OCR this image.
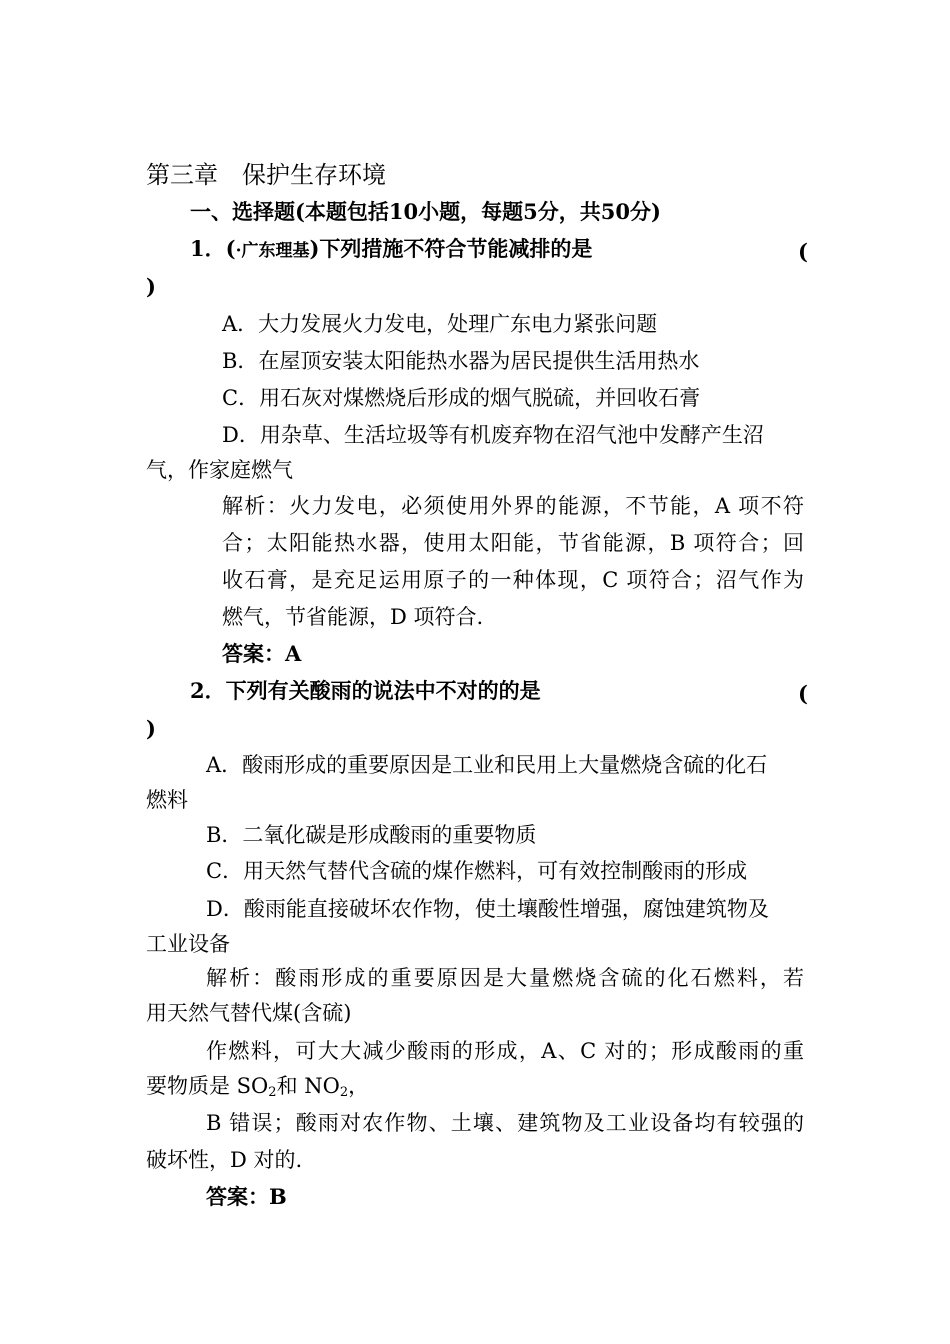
第三章　保护生存环境
一、选择题(本题包括10小题，每题5分，共50分)
1．(·广东理基)下列措施不符合节能减排的是	(
)
A．大力发展火力发电，处理广东电力紧张问题
B．在屋顶安装太阳能热水器为居民提供生活用热水
C．用石灰对煤燃烧后形成的烟气脱硫，并回收石膏
D．用杂草、生活垃圾等有机废弃物在沼气池中发酵产生沼
气，作家庭燃气
解析：火力发电，必须使用外界的能源，不节能，A 项不符
合；太阳能热水器，使用太阳能，节省能源，B 项符合；回
收石膏，是充足运用原子的一种体现，C 项符合；沼气作为
燃气，节省能源，D 项符合.
答案：A
2．下列有关酸雨的说法中不对的的是	(
)
A．酸雨形成的重要原因是工业和民用上大量燃烧含硫的化石
燃料
B．二氧化碳是形成酸雨的重要物质
C．用天然气替代含硫的煤作燃料，可有效控制酸雨的形成
D．酸雨能直接破坏农作物，使土壤酸性增强，腐蚀建筑物及
工业设备
解析：酸雨形成的重要原因是大量燃烧含硫的化石燃料，若
用天然气替代煤(含硫)
作燃料，可大大减少酸雨的形成，A、C 对的；形成酸雨的重
要物质是 $SO_2$和 $NO_2$，
B 错误；酸雨对农作物、土壤、建筑物及工业设备均有较强的
破坏性，D 对的.
答案：B
